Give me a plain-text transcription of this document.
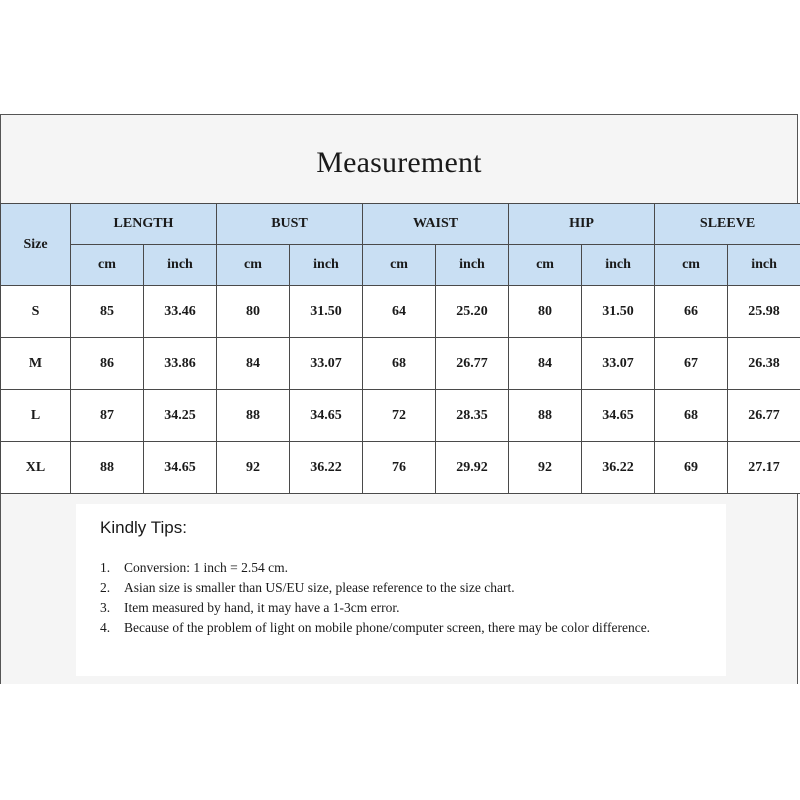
Measurement
Size	LENGTH		BUST		WAIST		HIP		SLEEVE	
	cm	inch	cm	inch	cm	inch	cm	inch	cm	inch
S	85	33.46	80	31.50	64	25.20	80	31.50	66	25.98
M	86	33.86	84	33.07	68	26.77	84	33.07	67	26.38
L	87	34.25	88	34.65	72	28.35	88	34.65	68	26.77
XL	88	34.65	92	36.22	76	29.92	92	36.22	69	27.17
Kindly Tips:
1.	Conversion: 1 inch = 2.54 cm.
2.	Asian size is smaller than US/EU size, please reference to the size chart.
3.	Item measured by hand, it may have a 1-3cm error.
4.	Because of the problem of light on mobile phone/computer screen, there may be color difference.
